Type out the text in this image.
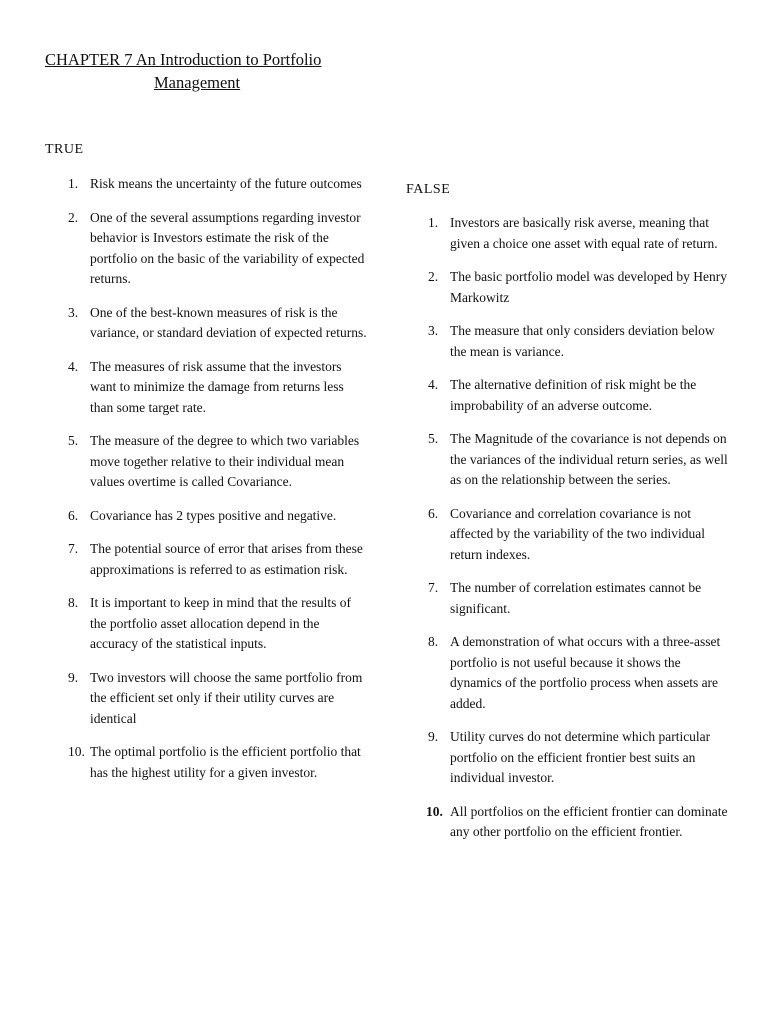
CHAPTER 7 An Introduction to Portfolio
Management
TRUE
1. Risk means the uncertainty of the future outcomes
2. One of the several assumptions regarding investor behavior is Investors estimate the risk of the portfolio on the basic of the variability of expected returns.
3. One of the best-known measures of risk is the variance, or standard deviation of expected returns.
4. The measures of risk assume that the investors want to minimize the damage from returns less than some target rate.
5. The measure of the degree to which two variables move together relative to their individual mean values overtime is called Covariance.
6. Covariance has 2 types positive and negative.
7. The potential source of error that arises from these approximations is referred to as estimation risk.
8. It is important to keep in mind that the results of the portfolio asset allocation depend in the accuracy of the statistical inputs.
9. Two investors will choose the same portfolio from the efficient set only if their utility curves are identical
10. The optimal portfolio is the efficient portfolio that has the highest utility for a given investor.
FALSE
1. Investors are basically risk averse, meaning that given a choice one asset with equal rate of return.
2. The basic portfolio model was developed by Henry Markowitz
3. The measure that only considers deviation below the mean is variance.
4. The alternative definition of risk might be the improbability of an adverse outcome.
5. The Magnitude of the covariance is not depends on the variances of the individual return series, as well as on the relationship between the series.
6. Covariance and correlation covariance is not affected by the variability of the two individual return indexes.
7. The number of correlation estimates cannot be significant.
8. A demonstration of what occurs with a three-asset portfolio is not useful because it shows the dynamics of the portfolio process when assets are added.
9. Utility curves do not determine which particular portfolio on the efficient frontier best suits an individual investor.
10. All portfolios on the efficient frontier can dominate any other portfolio on the efficient frontier.
